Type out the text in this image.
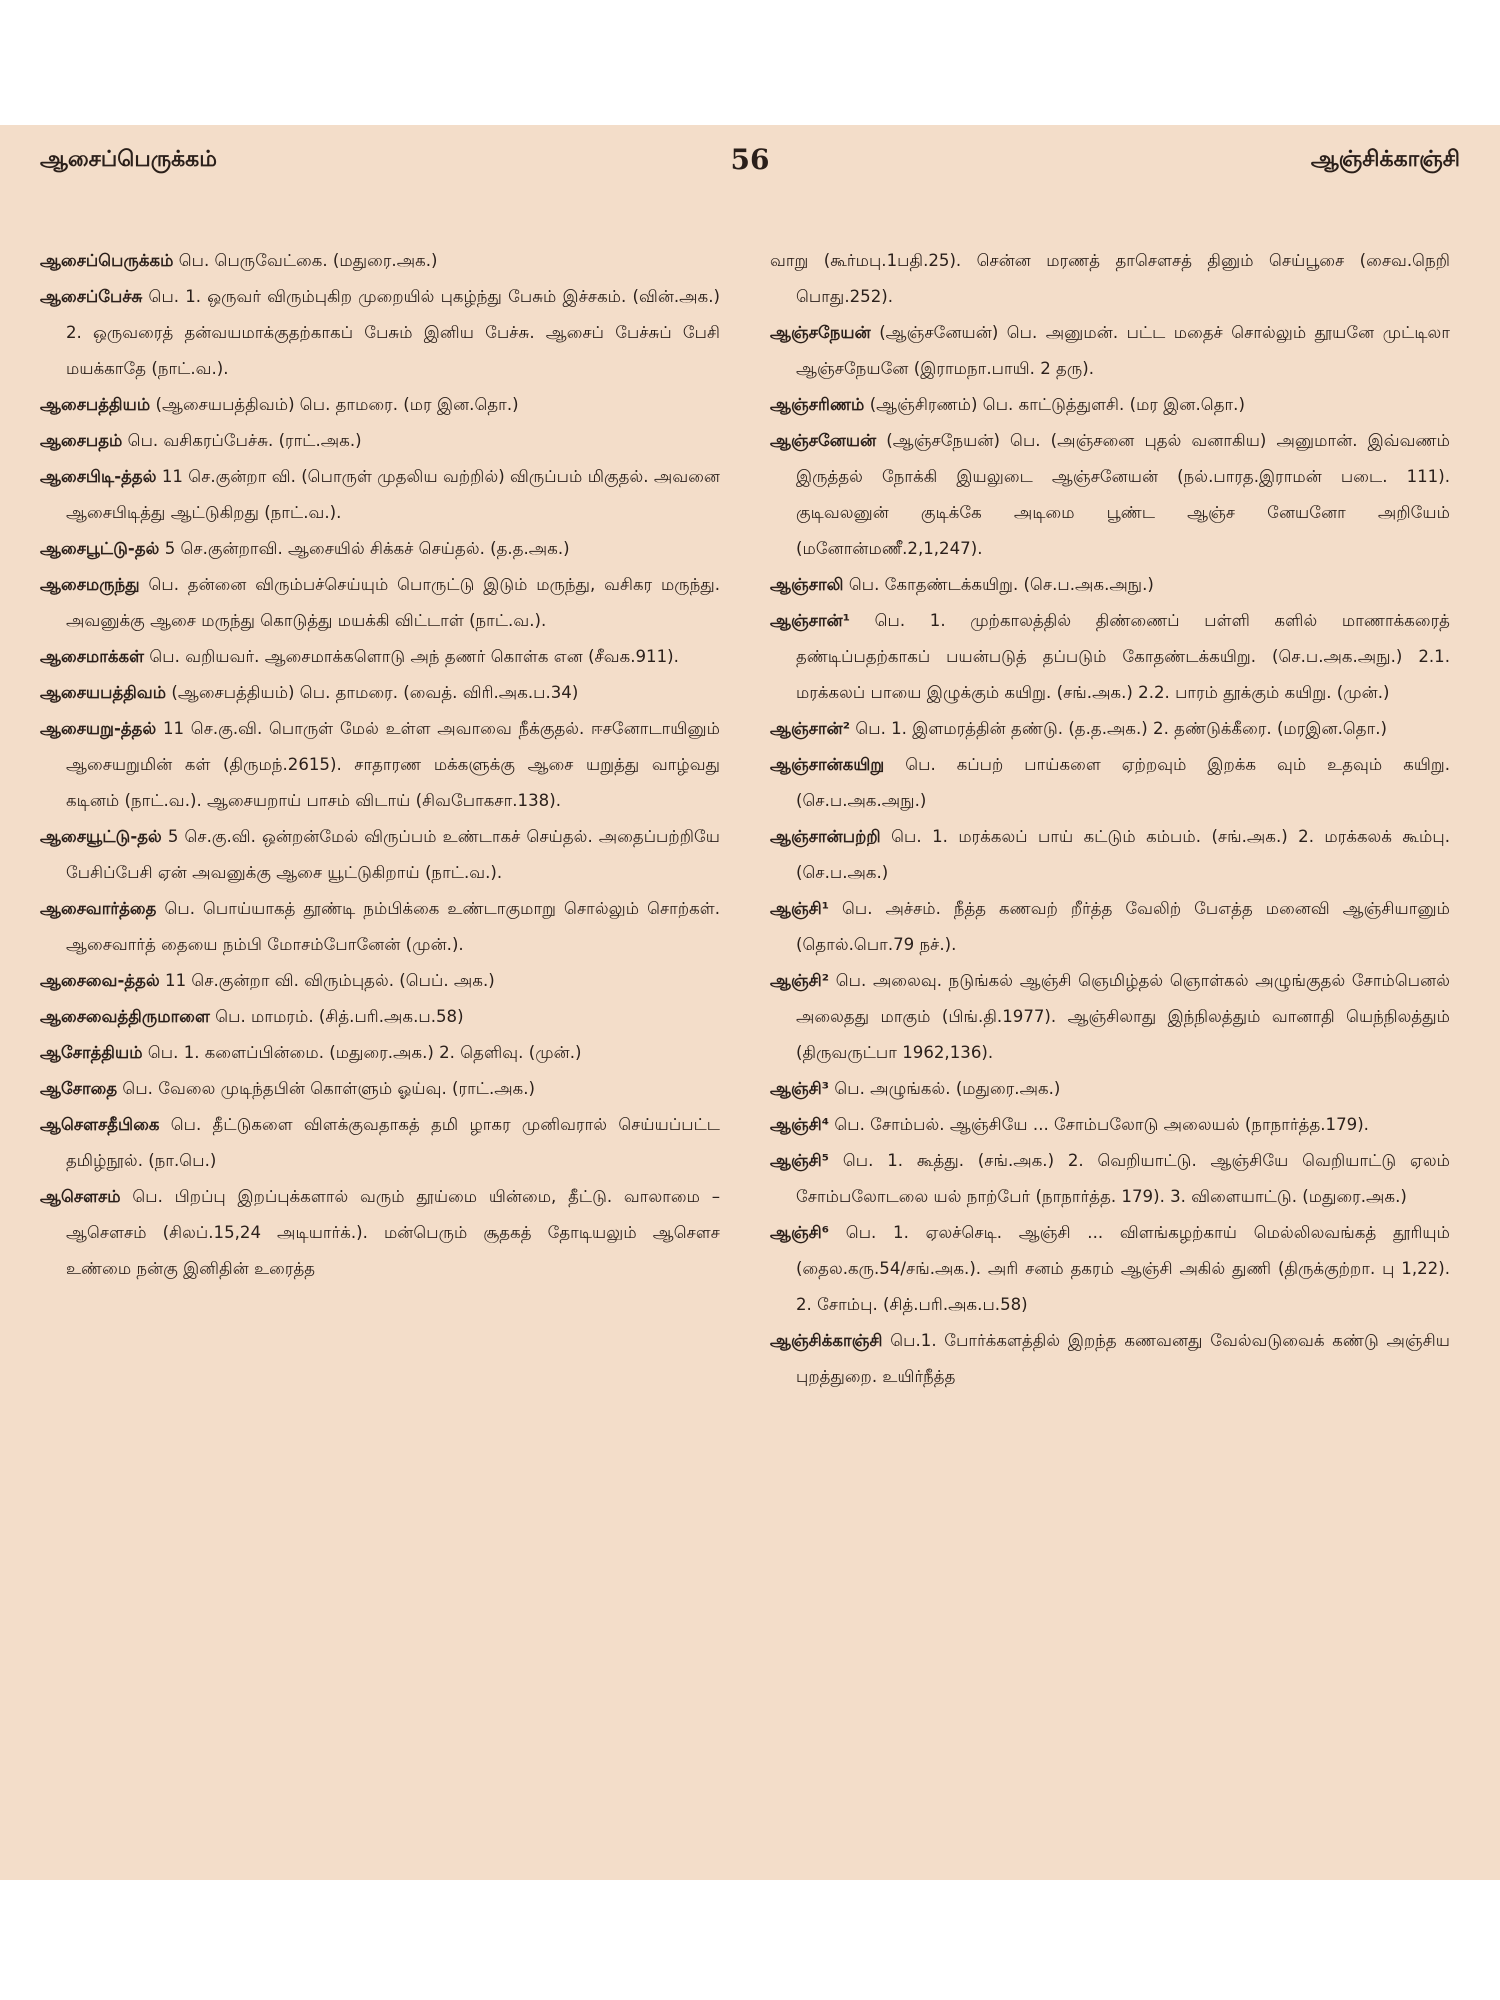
ஆசைப்பெருக்கம்	56	ஆஞ்சிக்காஞ்சி

ஆசைப்பெருக்கம் பெ. பெருவேட்கை. (மதுரை.அக.)

ஆசைப்பேச்சு பெ. 1. ஒருவர் விரும்புகிற முறையில் புகழ்ந்து பேசும் இச்சகம். (வின்.அக.) 2. ஒருவரைத் தன்வயமாக்குதற்காகப் பேசும் இனிய பேச்சு. ஆசைப் பேச்சுப் பேசி மயக்காதே (நாட்.வ.).

ஆசைபத்தியம் (ஆசையபத்திவம்) பெ. தாமரை. (மர இன.தொ.)

ஆசைபதம் பெ. வசிகரப்பேச்சு. (ராட்.அக.)

ஆசைபிடி-த்தல் 11 செ.குன்றா வி. (பொருள் முதலிய வற்றில்) விருப்பம் மிகுதல். அவனை ஆசைபிடித்து ஆட்டுகிறது (நாட்.வ.).

ஆசைபூட்டு-தல் 5 செ.குன்றாவி. ஆசையில் சிக்கச் செய்தல். (த.த.அக.)

ஆசைமருந்து பெ. தன்னை விரும்பச்செய்யும் பொருட்டு இடும் மருந்து, வசிகர மருந்து. அவனுக்கு ஆசை மருந்து கொடுத்து மயக்கி விட்டாள் (நாட்.வ.).

ஆசைமாக்கள் பெ. வறியவர். ஆசைமாக்களொடு அந் தணர் கொள்க என (சீவக.911).

ஆசையபத்திவம் (ஆசைபத்தியம்) பெ. தாமரை. (வைத். விரி.அக.ப.34)

ஆசையறு-த்தல் 11 செ.கு.வி. பொருள் மேல் உள்ள அவாவை நீக்குதல். ஈசனோடாயினும் ஆசையறுமின் கள் (திருமந்.2615). சாதாரண மக்களுக்கு ஆசை யறுத்து வாழ்வது கடினம் (நாட்.வ.). ஆசையறாய் பாசம் விடாய் (சிவபோகசா.138).

ஆசையூட்டு-தல் 5 செ.கு.வி. ஒன்றன்மேல் விருப்பம் உண்டாகச் செய்தல். அதைப்பற்றியே பேசிப்பேசி ஏன் அவனுக்கு ஆசை யூட்டுகிறாய் (நாட்.வ.).

ஆசைவார்த்தை பெ. பொய்யாகத் தூண்டி நம்பிக்கை உண்டாகுமாறு சொல்லும் சொற்கள். ஆசைவார்த் தையை நம்பி மோசம்போனேன் (முன்.).

ஆசைவை-த்தல் 11 செ.குன்றா வி. விரும்புதல். (பெப். அக.)

ஆசைவைத்திருமாளை பெ. மாமரம். (சித்.பரி.அக.ப.58)

ஆசோத்தியம் பெ. 1. களைப்பின்மை. (மதுரை.அக.) 2. தெளிவு. (முன்.)

ஆசோதை பெ. வேலை முடிந்தபின் கொள்ளும் ஓய்வு. (ராட்.அக.)

ஆசௌசதீபிகை பெ. தீட்டுகளை விளக்குவதாகத் தமி ழாகர முனிவரால் செய்யப்பட்ட தமிழ்நூல். (நா.பெ.)

ஆசௌசம் பெ. பிறப்பு இறப்புக்களால் வரும் தூய்மை யின்மை, தீட்டு. வாலாமை – ஆசௌசம் (சிலப்.15,24 அடியார்க்.). மன்பெரும் சூதகத் தோடியலும் ஆசௌச உண்மை நன்கு இனிதின் உரைத்த

வாறு (கூர்மபு.1பதி.25). சென்ன மரணத் தாசௌசத் தினும் செய்பூசை (சைவ.நெறி பொது.252).

ஆஞ்சநேயன் (ஆஞ்சனேயன்) பெ. அனுமன். பட்ட மதைச் சொல்லும் தூயனே முட்டிலா ஆஞ்சநேயனே (இராமநா.பாயி. 2 தரு).

ஆஞ்சரிணம் (ஆஞ்சிரணம்) பெ. காட்டுத்துளசி. (மர இன.தொ.)

ஆஞ்சனேயன் (ஆஞ்சநேயன்) பெ. (அஞ்சனை புதல் வனாகிய) அனுமான். இவ்வணம் இருத்தல் நோக்கி இயலுடை ஆஞ்சனேயன் (நல்.பாரத.இராமன் படை. 111). குடிவலனுன் குடிக்கே அடிமை பூண்ட ஆஞ்ச னேயனோ அறியேம் (மனோன்மணீ.2,1,247).

ஆஞ்சாலி பெ. கோதண்டக்கயிறு. (செ.ப.அக.அநு.)

ஆஞ்சான்¹ பெ. 1. முற்காலத்தில் திண்ணைப் பள்ளி களில் மாணாக்கரைத் தண்டிப்பதற்காகப் பயன்படுத் தப்படும் கோதண்டக்கயிறு. (செ.ப.அக.அநு.) 2.1. மரக்கலப் பாயை இழுக்கும் கயிறு. (சங்.அக.) 2.2. பாரம் தூக்கும் கயிறு. (முன்.)

ஆஞ்சான்² பெ. 1. இளமரத்தின் தண்டு. (த.த.அக.) 2. தண்டுக்கீரை. (மரஇன.தொ.)

ஆஞ்சான்கயிறு பெ. கப்பற் பாய்களை ஏற்றவும் இறக்க வும் உதவும் கயிறு. (செ.ப.அக.அநு.)

ஆஞ்சான்பற்றி பெ. 1. மரக்கலப் பாய் கட்டும் கம்பம். (சங்.அக.) 2. மரக்கலக் கூம்பு. (செ.ப.அக.)

ஆஞ்சி¹ பெ. அச்சம். நீத்த கணவற் றீர்த்த வேலிற் பேஎத்த மனைவி ஆஞ்சியானும் (தொல்.பொ.79 நச்.).

ஆஞ்சி² பெ. அலைவு. நடுங்கல் ஆஞ்சி ஞெமிழ்தல் ஞொள்கல் அழுங்குதல் சோம்பெனல் அலைதது மாகும் (பிங்.தி.1977). ஆஞ்சிலாது இந்நிலத்தும் வானாதி யெந்நிலத்தும் (திருவருட்பா 1962,136).

ஆஞ்சி³ பெ. அழுங்கல். (மதுரை.அக.)

ஆஞ்சி⁴ பெ. சோம்பல். ஆஞ்சியே ... சோம்பலோடு அலையல் (நாநார்த்த.179).

ஆஞ்சி⁵ பெ. 1. கூத்து. (சங்.அக.) 2. வெறியாட்டு. ஆஞ்சியே வெறியாட்டு ஏலம் சோம்பலோடலை யல் நாற்பேர் (நாநார்த்த. 179). 3. விளையாட்டு. (மதுரை.அக.)

ஆஞ்சி⁶ பெ. 1. ஏலச்செடி. ஆஞ்சி ... விளங்கழற்காய் மெல்லிலவங்கத் தூரியும் (தைல.கரு.54/சங்.அக.). அரி சனம் தகரம் ஆஞ்சி அகில் துணி (திருக்குற்றா. பு 1,22). 2. சோம்பு. (சித்.பரி.அக.ப.58)

ஆஞ்சிக்காஞ்சி பெ.1. போர்க்களத்தில் இறந்த கணவனது வேல்வடுவைக் கண்டு அஞ்சிய புறத்துறை. உயிர்நீத்த
